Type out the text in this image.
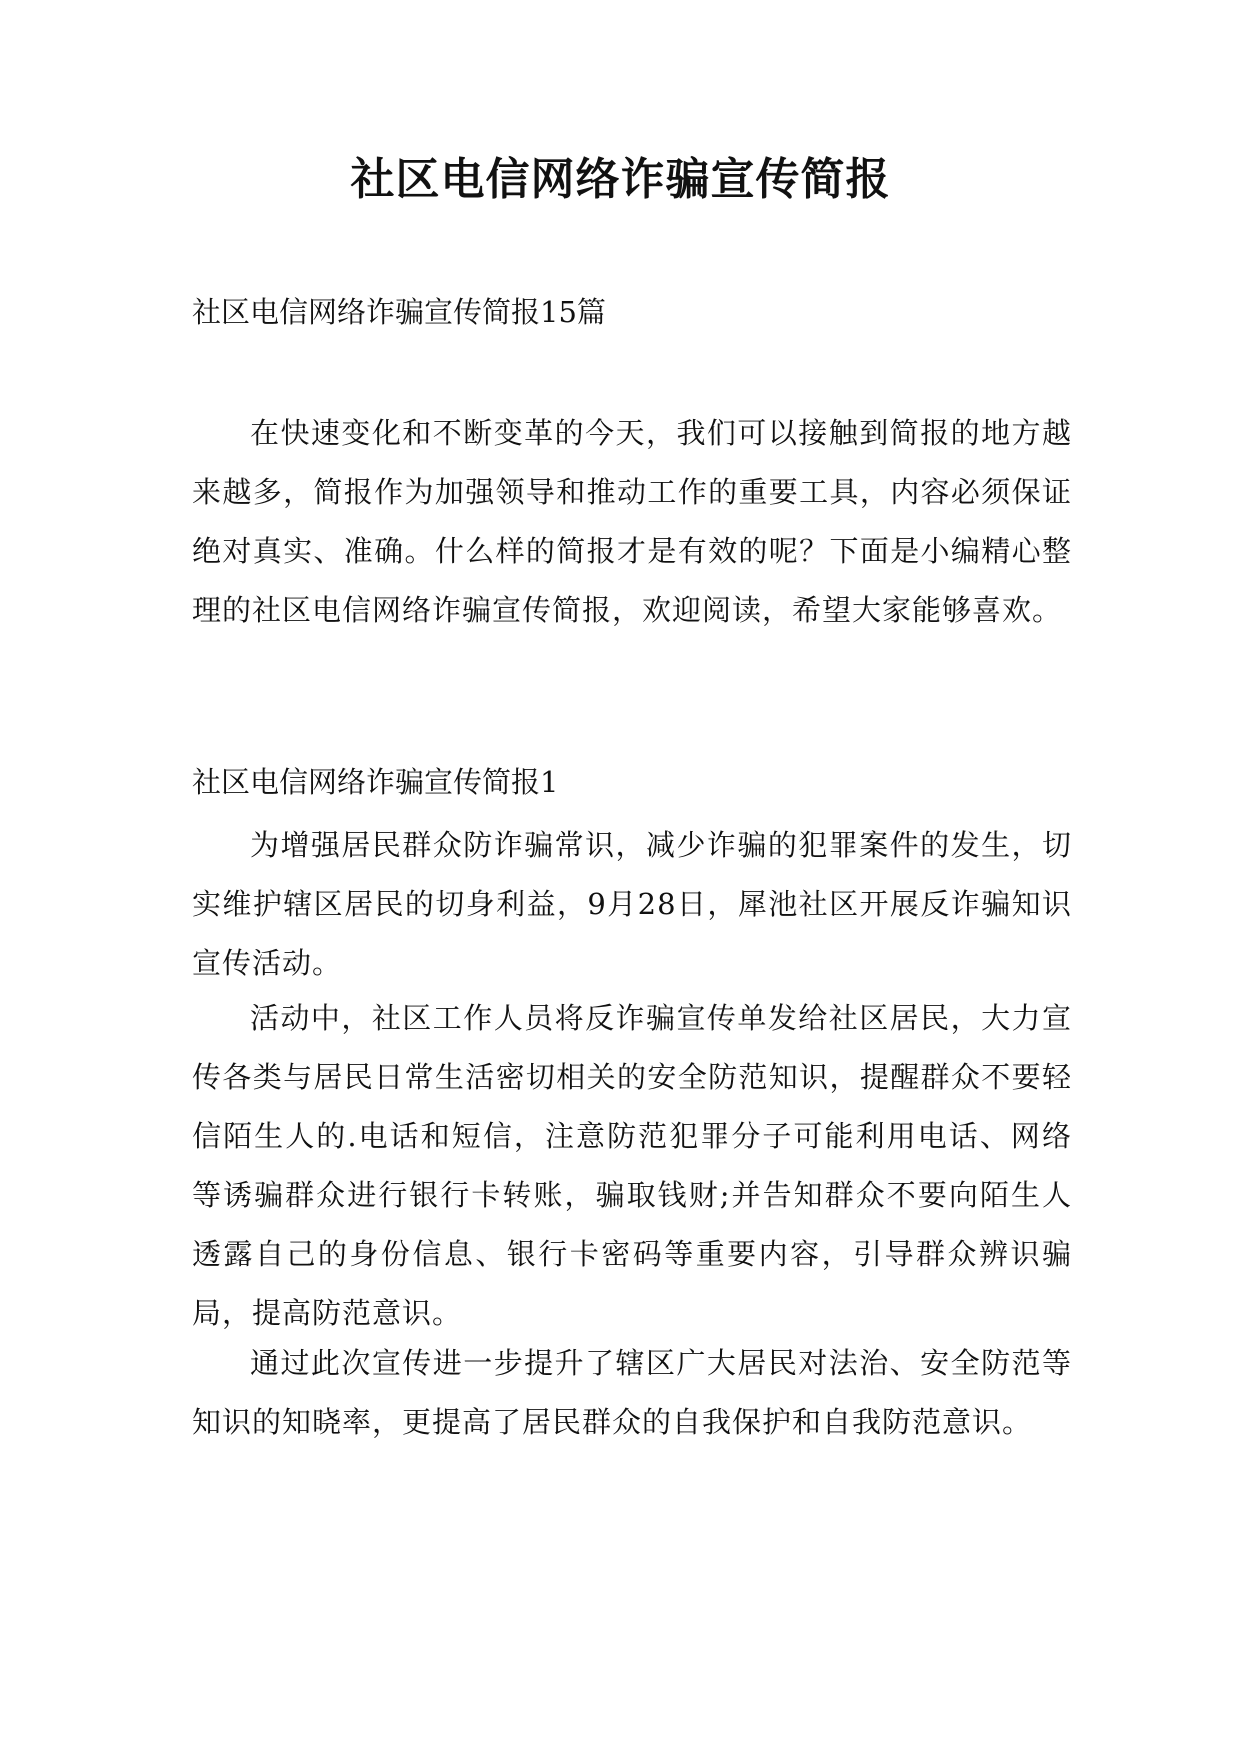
社区电信网络诈骗宣传简报

社区电信网络诈骗宣传简报15篇

在快速变化和不断变革的今天，我们可以接触到简报的地方越来越多，简报作为加强领导和推动工作的重要工具，内容必须保证绝对真实、准确。什么样的简报才是有效的呢？下面是小编精心整理的社区电信网络诈骗宣传简报，欢迎阅读，希望大家能够喜欢。

社区电信网络诈骗宣传简报1

为增强居民群众防诈骗常识，减少诈骗的犯罪案件的发生，切实维护辖区居民的切身利益，9月28日，犀池社区开展反诈骗知识宣传活动。

活动中，社区工作人员将反诈骗宣传单发给社区居民，大力宣传各类与居民日常生活密切相关的安全防范知识，提醒群众不要轻信陌生人的.电话和短信，注意防范犯罪分子可能利用电话、网络等诱骗群众进行银行卡转账，骗取钱财;并告知群众不要向陌生人透露自己的身份信息、银行卡密码等重要内容，引导群众辨识骗局，提高防范意识。

通过此次宣传进一步提升了辖区广大居民对法治、安全防范等知识的知晓率，更提高了居民群众的自我保护和自我防范意识。
